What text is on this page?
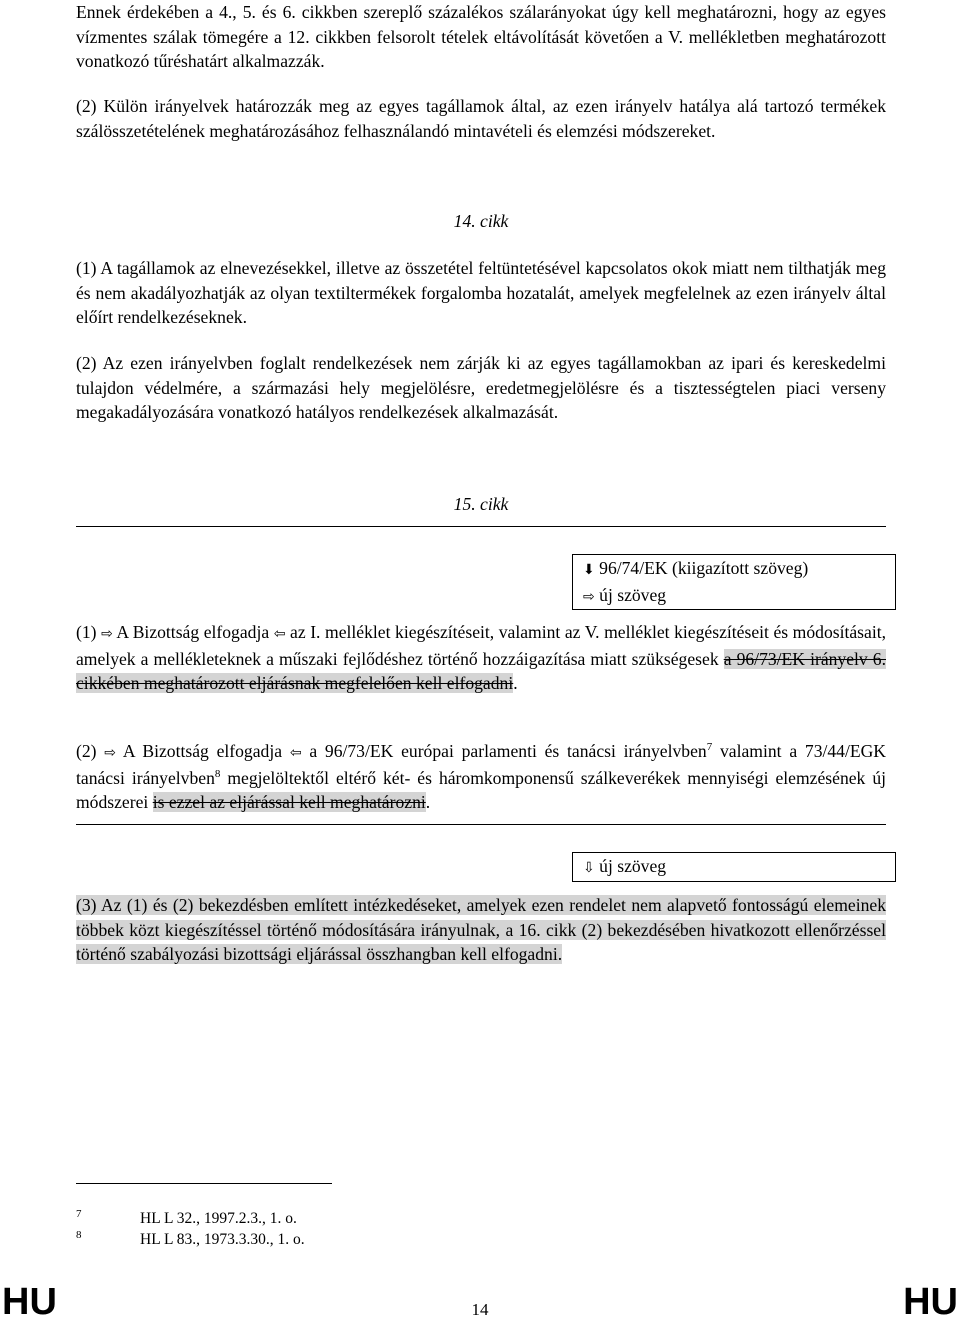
Ennek érdekében a 4., 5. és 6. cikkben szereplő százalékos szálarányokat úgy kell meghatározni, hogy az egyes vízmentes szálak tömegére a 12. cikkben felsorolt tételek eltávolítását követően a V. mellékletben meghatározott vonatkozó tűréshatárt alkalmazzák.

(2) Külön irányelvek határozzák meg az egyes tagállamok által, az ezen irányelv hatálya alá tartozó termékek szálösszetételének meghatározásához felhasználandó mintavételi és elemzési módszereket.

14. cikk

(1) A tagállamok az elnevezésekkel, illetve az összetétel feltüntetésével kapcsolatos okok miatt nem tilthatják meg és nem akadályozhatják az olyan textiltermékek forgalomba hozatalát, amelyek megfelelnek az ezen irányelv által előírt rendelkezéseknek.

(2) Az ezen irányelvben foglalt rendelkezések nem zárják ki az egyes tagállamokban az ipari és kereskedelmi tulajdon védelmére, a származási hely megjelölésre, eredetmegjelölésre és a tisztességtelen piaci verseny megakadályozására vonatkozó hatályos rendelkezések alkalmazását.

15. cikk
⬇ 96/74/EK (kiigazított szöveg)
⇨ új szöveg

(1) ⇨ A Bizottság elfogadja ⇦ az I. melléklet kiegészítéseit, valamint az V. melléklet kiegészítéseit és módosításait, amelyek a mellékleteknek a műszaki fejlődéshez történő hozzáigazítása miatt szükségesek a 96/73/EK irányelv 6. cikkében meghatározott eljárásnak megfelelően kell elfogadni.

(2) ⇨ A Bizottság elfogadja ⇦ a 96/73/EK európai parlamenti és tanácsi irányelvben$^7$ valamint a 73/44/EGK tanácsi irányelvben$^8$ megjelöltektől eltérő két- és háromkomponensű szálkeverékek mennyiségi elemzésének új módszerei is ezzel az eljárással kell meghatározni.

⇩ új szöveg

(3) Az (1) és (2) bekezdésben említett intézkedéseket, amelyek ezen rendelet nem alapvető fontosságú elemeinek többek közt kiegészítéssel történő módosítására irányulnak, a 16. cikk (2) bekezdésében hivatkozott ellenőrzéssel történő szabályozási bizottsági eljárással összhangban kell elfogadni.

7	HL L 32., 1997.2.3., 1. o.
8	HL L 83., 1973.3.30., 1. o.
HU	14	HU
